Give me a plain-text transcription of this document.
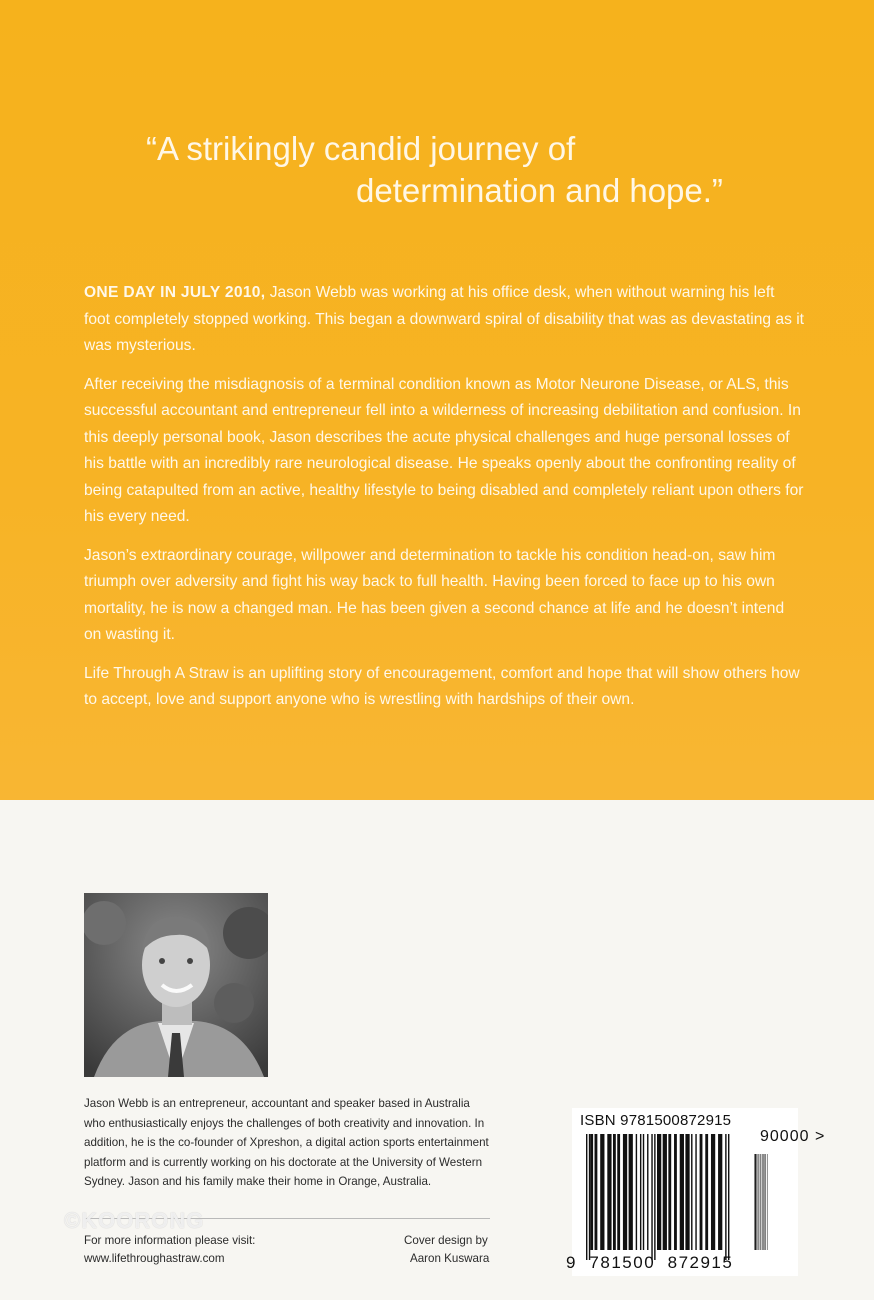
“A strikingly candid journey of
determination and hope.”

ONE DAY IN JULY 2010, Jason Webb was working at his office desk, when without warning his left foot completely stopped working. This began a downward spiral of disability that was as devastating as it was mysterious.

After receiving the misdiagnosis of a terminal condition known as Motor Neurone Disease, or ALS, this successful accountant and entrepreneur fell into a wilderness of increasing debilitation and confusion. In this deeply personal book, Jason describes the acute physical challenges and huge personal losses of his battle with an incredibly rare neurological disease. He speaks openly about the confronting reality of being catapulted from an active, healthy lifestyle to being disabled and completely reliant upon others for his every need.

Jason’s extraordinary courage, willpower and determination to tackle his condition head-on, saw him triumph over adversity and fight his way back to full health. Having been forced to face up to his own mortality, he is now a changed man. He has been given a second chance at life and he doesn’t intend on wasting it.

Life Through A Straw is an uplifting story of encouragement, comfort and hope that will show others how to accept, love and support anyone who is wrestling with hardships of their own.

Jason Webb is an entrepreneur, accountant and speaker based in Australia who enthusiastically enjoys the challenges of both creativity and innovation. In addition, he is the co-founder of Xpreshon, a digital action sports entertainment platform and is currently working on his doctorate at the University of Western Sydney. Jason and his family make their home in Orange, Australia.
©KOORONG
For more information please visit:
www.lifethroughastraw.com
Cover design by
Aaron Kuswara
ISBN 9781500872915
90000 >
9 781500 872915
